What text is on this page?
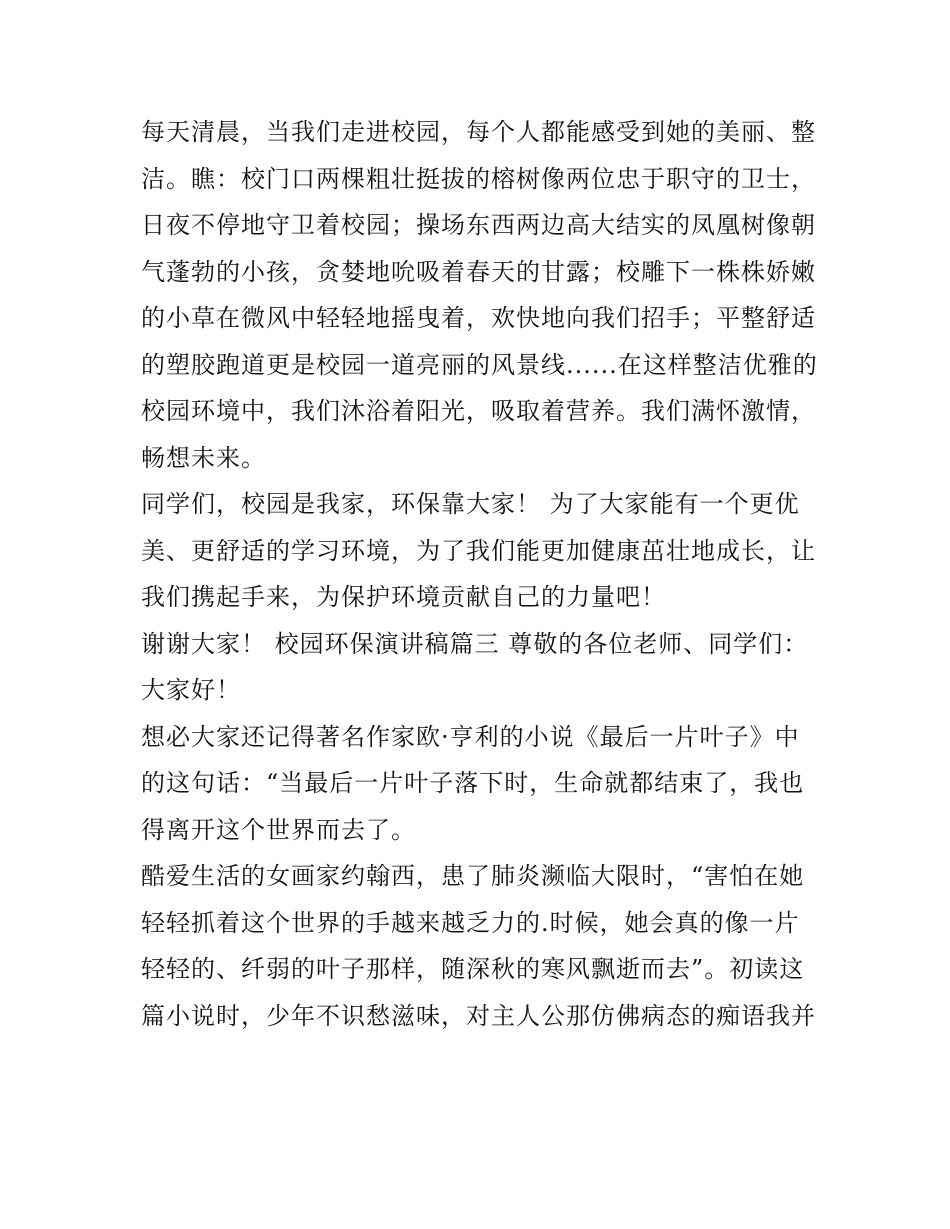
每天清晨，当我们走进校园，每个人都能感受到她的美丽、整
洁。瞧：校门口两棵粗壮挺拔的榕树像两位忠于职守的卫士，
日夜不停地守卫着校园；操场东西两边高大结实的凤凰树像朝
气蓬勃的小孩，贪婪地吮吸着春天的甘露；校雕下一株株娇嫩
的小草在微风中轻轻地摇曳着，欢快地向我们招手；平整舒适
的塑胶跑道更是校园一道亮丽的风景线......在这样整洁优雅的
校园环境中，我们沐浴着阳光，吸取着营养。我们满怀激情，
畅想未来。
同学们，校园是我家，环保靠大家！ 为了大家能有一个更优
美、更舒适的学习环境，为了我们能更加健康茁壮地成长，让
我们携起手来，为保护环境贡献自己的力量吧！
谢谢大家！ 校园环保演讲稿篇三 尊敬的各位老师、同学们：
大家好！
想必大家还记得著名作家欧·亨利的小说《最后一片叶子》中
的这句话：“当最后一片叶子落下时，生命就都结束了，我也
得离开这个世界而去了。
酷爱生活的女画家约翰西，患了肺炎濒临大限时，“害怕在她
轻轻抓着这个世界的手越来越乏力的.时候，她会真的像一片
轻轻的、纤弱的叶子那样，随深秋的寒风飘逝而去”。初读这
篇小说时，少年不识愁滋味，对主人公那仿佛病态的痴语我并
